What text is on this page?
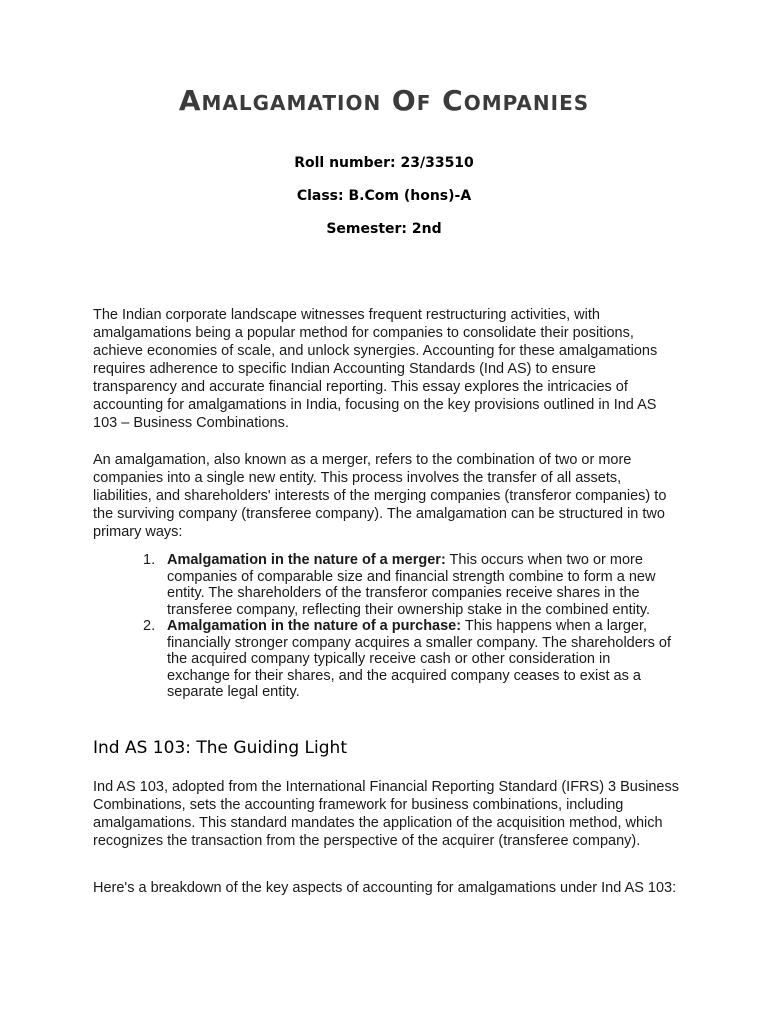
Amalgamation Of Companies

Roll number: 23/33510

Class: B.Com (hons)-A

Semester: 2nd

The Indian corporate landscape witnesses frequent restructuring activities, with amalgamations being a popular method for companies to consolidate their positions, achieve economies of scale, and unlock synergies. Accounting for these amalgamations requires adherence to specific Indian Accounting Standards (Ind AS) to ensure transparency and accurate financial reporting. This essay explores the intricacies of accounting for amalgamations in India, focusing on the key provisions outlined in Ind AS 103 – Business Combinations.

An amalgamation, also known as a merger, refers to the combination of two or more companies into a single new entity. This process involves the transfer of all assets, liabilities, and shareholders' interests of the merging companies (transferor companies) to the surviving company (transferee company). The amalgamation can be structured in two primary ways:

1. Amalgamation in the nature of a merger: This occurs when two or more companies of comparable size and financial strength combine to form a new entity. The shareholders of the transferor companies receive shares in the transferee company, reflecting their ownership stake in the combined entity.
2. Amalgamation in the nature of a purchase: This happens when a larger, financially stronger company acquires a smaller company. The shareholders of the acquired company typically receive cash or other consideration in exchange for their shares, and the acquired company ceases to exist as a separate legal entity.
Ind AS 103: The Guiding Light

Ind AS 103, adopted from the International Financial Reporting Standard (IFRS) 3 Business Combinations, sets the accounting framework for business combinations, including amalgamations. This standard mandates the application of the acquisition method, which recognizes the transaction from the perspective of the acquirer (transferee company).

Here's a breakdown of the key aspects of accounting for amalgamations under Ind AS 103:
